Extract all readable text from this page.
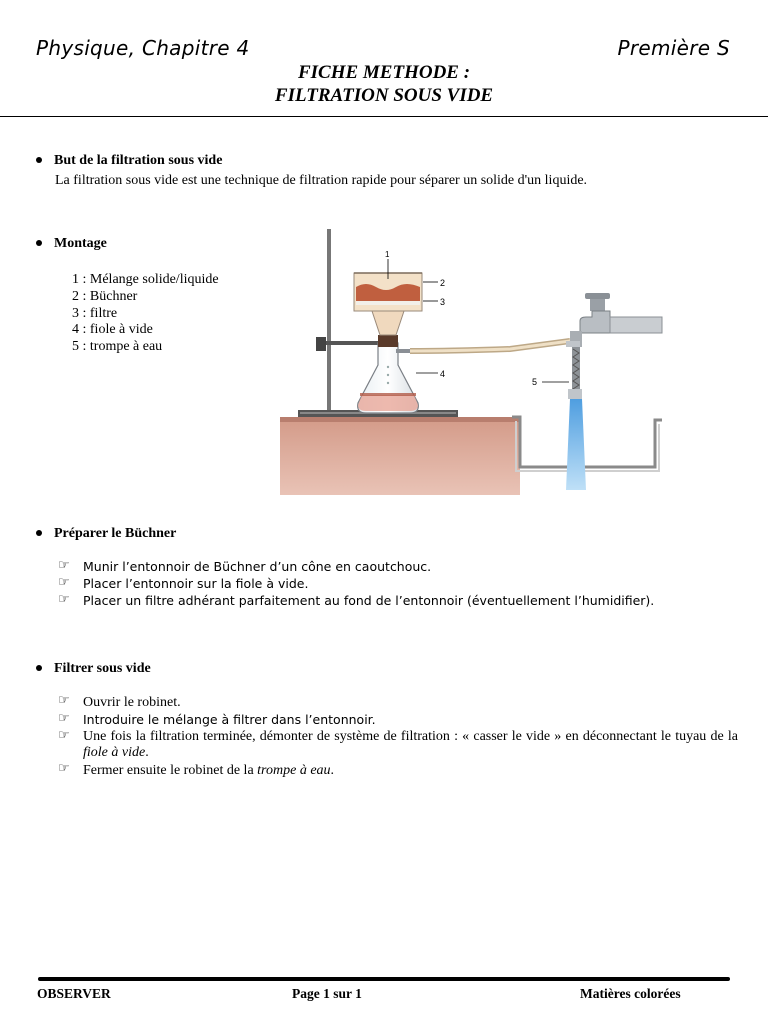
Physique, Chapitre 4	Première S
FICHE METHODE :
FILTRATION SOUS VIDE
But de la filtration sous vide
La filtration sous vide est une technique de filtration rapide pour séparer un solide d'un liquide.
Montage
1 : Mélange solide/liquide
2 : Büchner
3 : filtre
4 : fiole à vide
5 : trompe à eau
1
2
3
4
5
Préparer le Büchner
☞ Munir l’entonnoir de Büchner d’un cône en caoutchouc.
☞ Placer l’entonnoir sur la fiole à vide.
☞ Placer un filtre adhérant parfaitement au fond de l’entonnoir (éventuellement l’humidifier).
Filtrer sous vide
☞ Ouvrir le robinet.
☞ Introduire le mélange à filtrer dans l’entonnoir.
☞ Une fois la filtration terminée, démonter de système de filtration : « casser le vide » en déconnectant le tuyau de la fiole à vide.
☞ Fermer ensuite le robinet de la trompe à eau.
OBSERVER	Page 1 sur 1	Matières colorées
